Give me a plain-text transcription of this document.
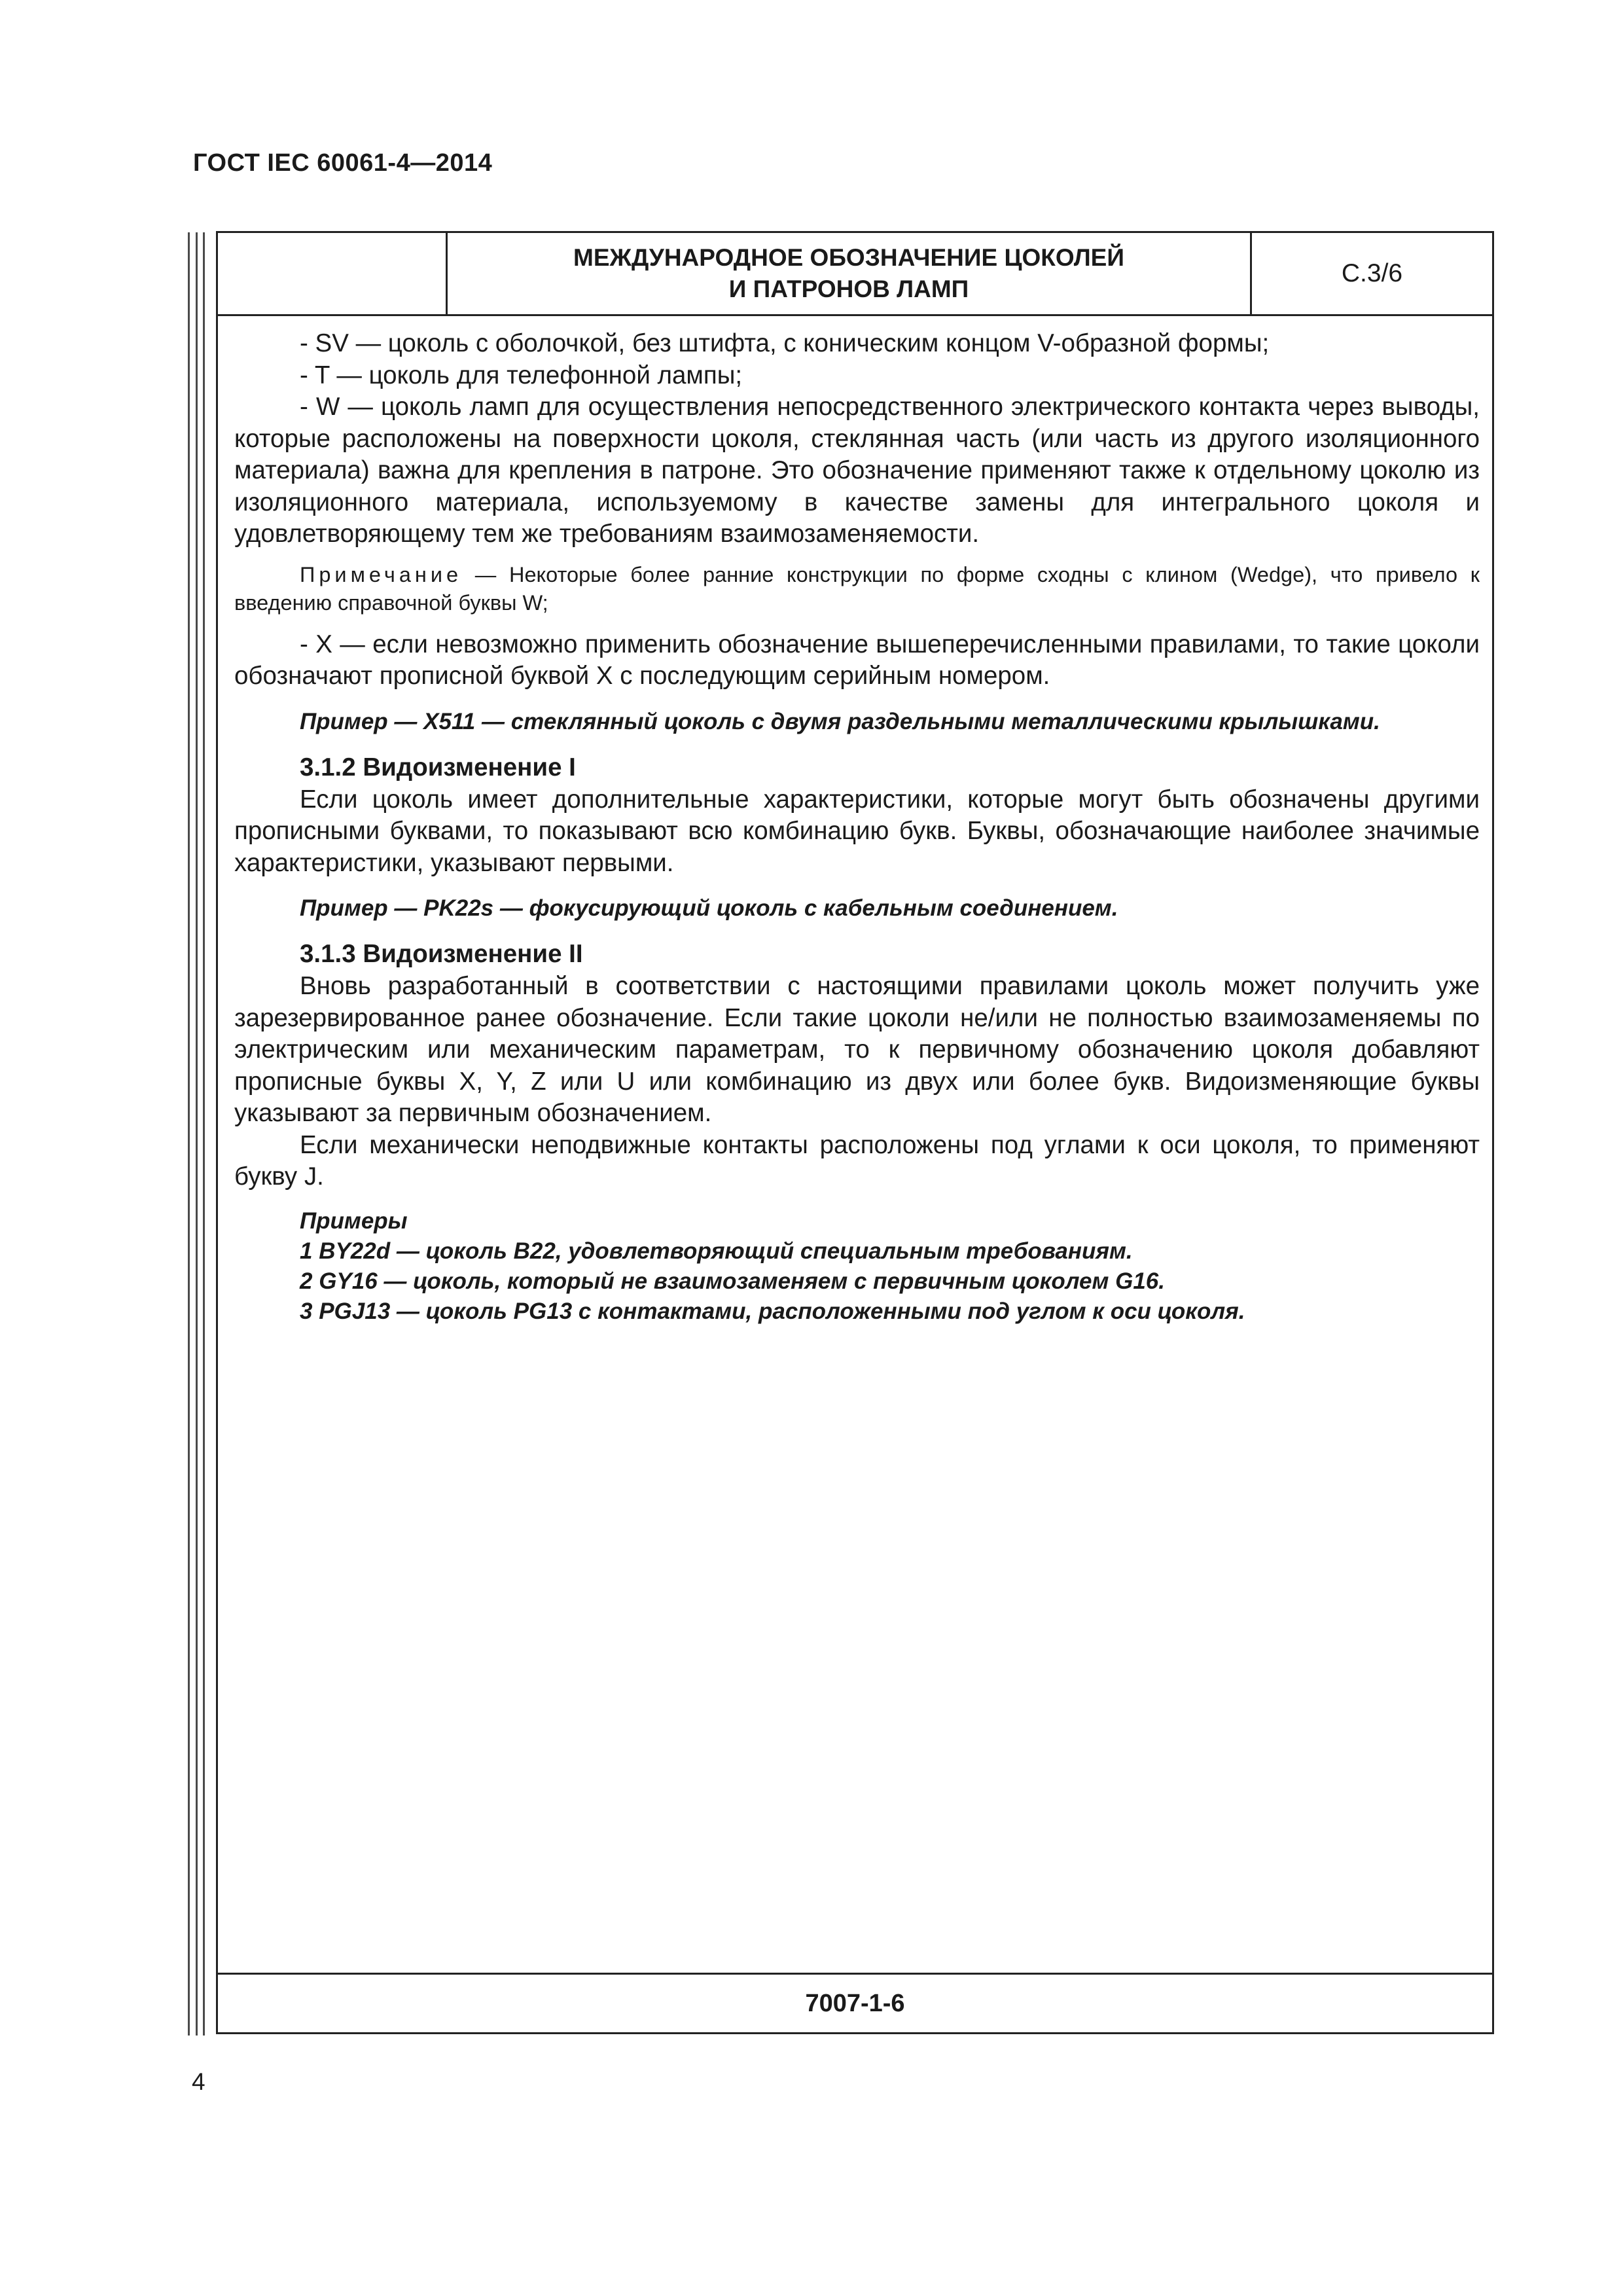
ГОСТ IEC 60061-4—2014
МЕЖДУНАРОДНОЕ ОБОЗНАЧЕНИЕ ЦОКОЛЕЙ
И ПАТРОНОВ ЛАМП
С.3/6

- SV — цоколь с оболочкой, без штифта, с коническим концом V-образной формы;

- T — цоколь для телефонной лампы;

- W — цоколь ламп для осуществления непосредственного электрического контакта через выводы, которые расположены на поверхности цоколя, стеклянная часть (или часть из другого изоляционного материала) важна для крепления в патроне. Это обозначение применяют также к отдельному цоколю из изоляционного материала, используемому в качестве замены для интегрального цоколя и удовлетворяющему тем же требованиям взаимозаменяемости.

Примечание — Некоторые более ранние конструкции по форме сходны с клином (Wedge), что привело к введению справочной буквы W;

- X — если невозможно применить обозначение вышеперечисленными правилами, то такие цоколи обозначают прописной буквой X с последующим серийным номером.

Пример — X511 — стеклянный цоколь с двумя раздельными металлическими крылышками.
3.1.2 Видоизменение I

Если цоколь имеет дополнительные характеристики, которые могут быть обозначены другими прописными буквами, то показывают всю комбинацию букв. Буквы, обозначающие наиболее значимые характеристики, указывают первыми.

Пример — PK22s — фокусирующий цоколь с кабельным соединением.
3.1.3 Видоизменение II

Вновь разработанный в соответствии с настоящими правилами цоколь может получить уже зарезервированное ранее обозначение. Если такие цоколи не/или не полностью взаимозаменяемы по электрическим или механическим параметрам, то к первичному обозначению цоколя добавляют прописные буквы X, Y, Z или U или комбинацию из двух или более букв. Видоизменяющие буквы указывают за первичным обозначением.

Если механически неподвижные контакты расположены под углами к оси цоколя, то применяют букву J.

Примеры
1 BY22d — цоколь B22, удовлетворяющий специальным требованиям.
2 GY16 — цоколь, который не взаимозаменяем с первичным цоколем G16.
3 PGJ13 — цоколь PG13 с контактами, расположенными под углом к оси цоколя.
7007-1-6
4
